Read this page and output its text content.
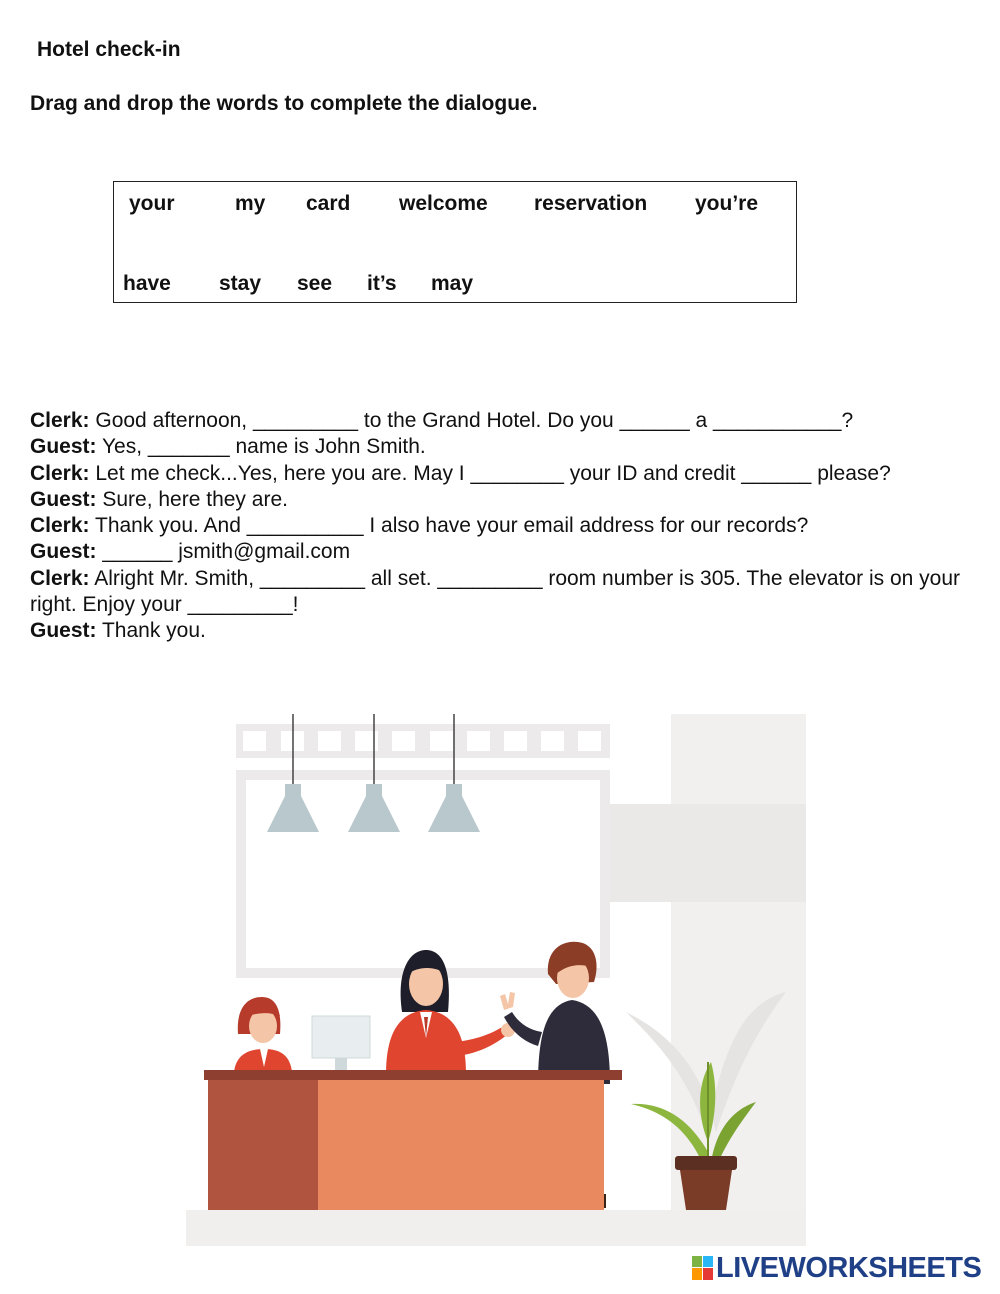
Hotel check-in
Drag and drop the words to complete the dialogue.
your	my card welcome reservation you’re
have stay see it’s may

Clerk: Good afternoon, _________ to the Grand Hotel. Do you ______ a ___________?

Guest: Yes, _______ name is John Smith.

Clerk: Let me check...Yes, here you are. May I ________ your ID and credit ______ please?

Guest: Sure, here they are.

Clerk: Thank you. And __________ I also have your email address for our records?

Guest: ______ jsmith@gmail.com

Clerk: Alright Mr. Smith, _________ all set. _________ room number is 305. The elevator is on your right. Enjoy your _________!

Guest: Thank you.

LIVEWORKSHEETS
